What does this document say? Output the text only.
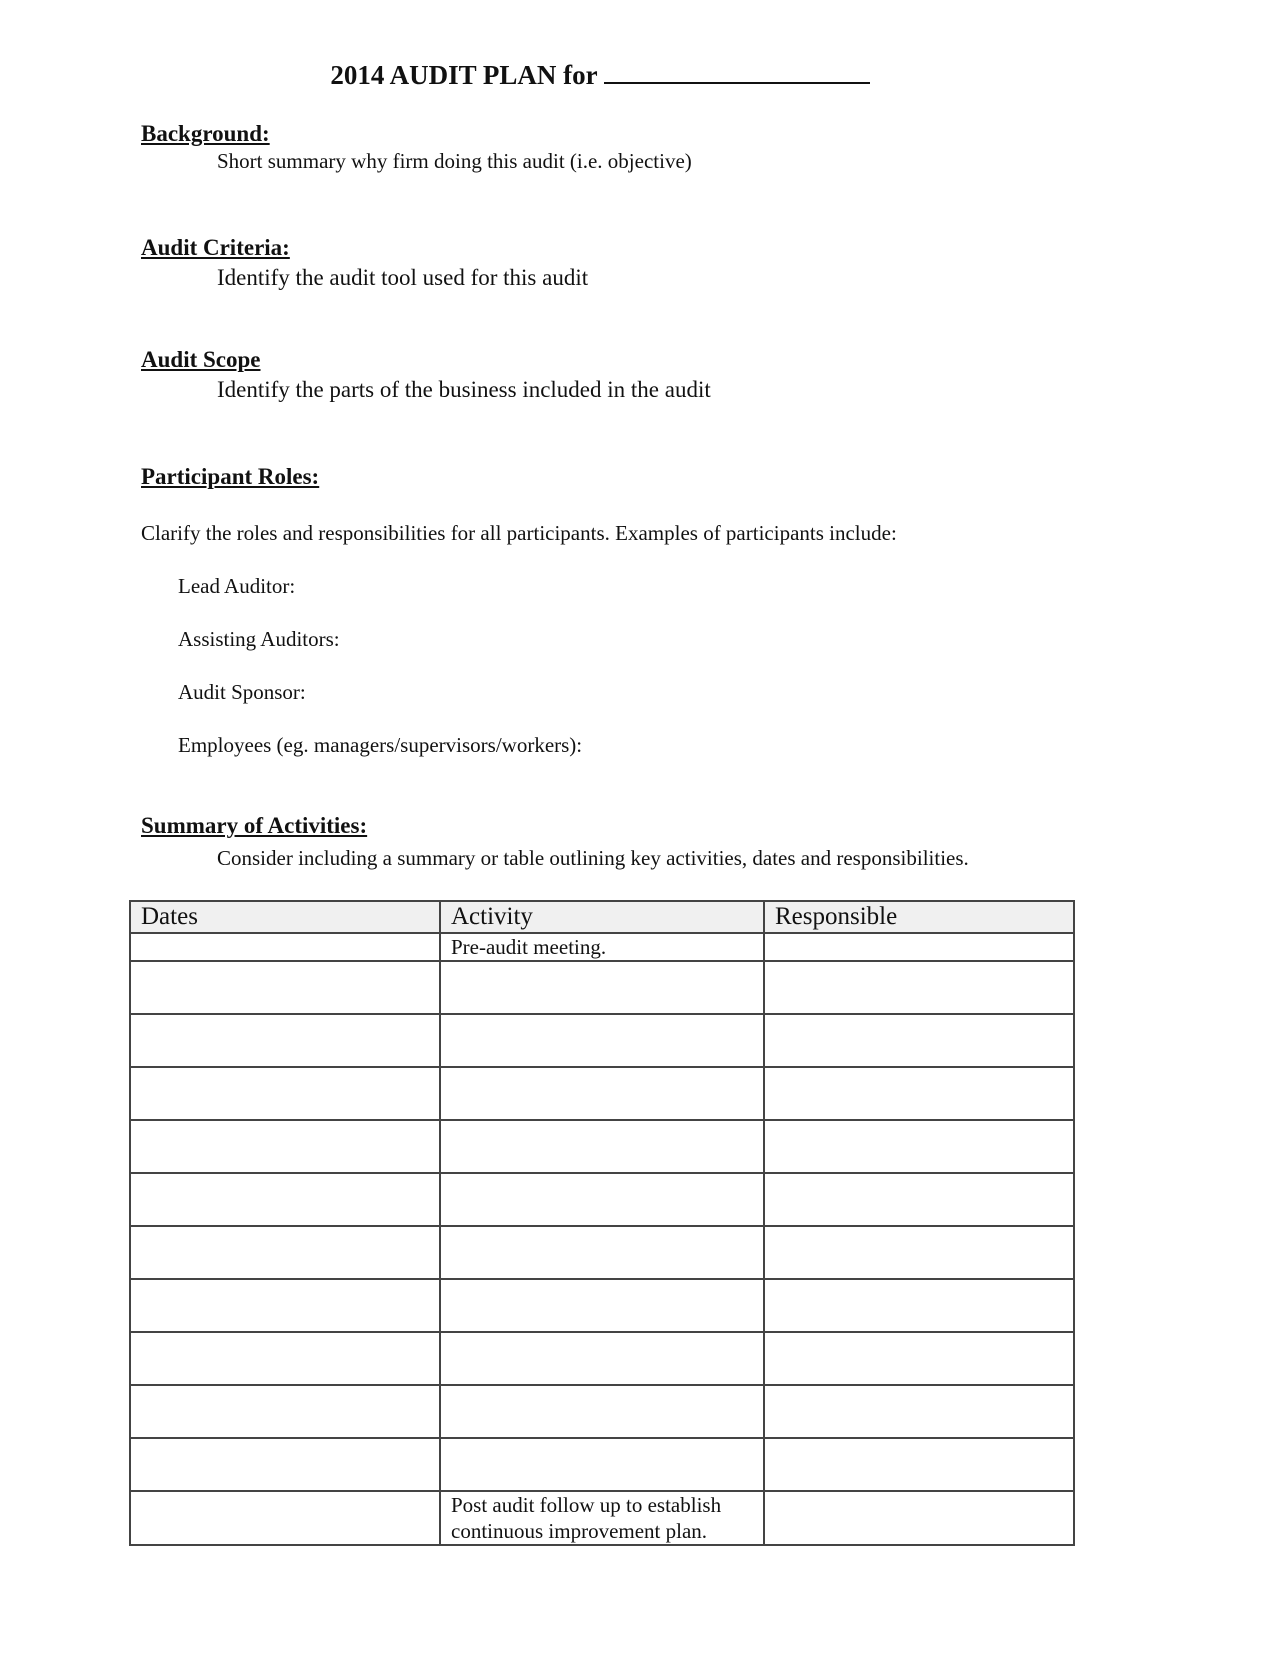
2014 AUDIT PLAN for
Background:
Short summary why firm doing this audit (i.e. objective)
Audit Criteria:
Identify the audit tool used for this audit
Audit Scope
Identify the parts of the business included in the audit
Participant Roles:
Clarify the roles and responsibilities for all participants. Examples of participants include:
Lead Auditor:
Assisting Auditors:
Audit Sponsor:
Employees (eg. managers/supervisors/workers):
Summary of Activities:
Consider including a summary or table outlining key activities, dates and responsibilities.
Dates	Activity	Responsible
	Pre-audit meeting.	

	Post audit follow up to establish continuous improvement plan.	
